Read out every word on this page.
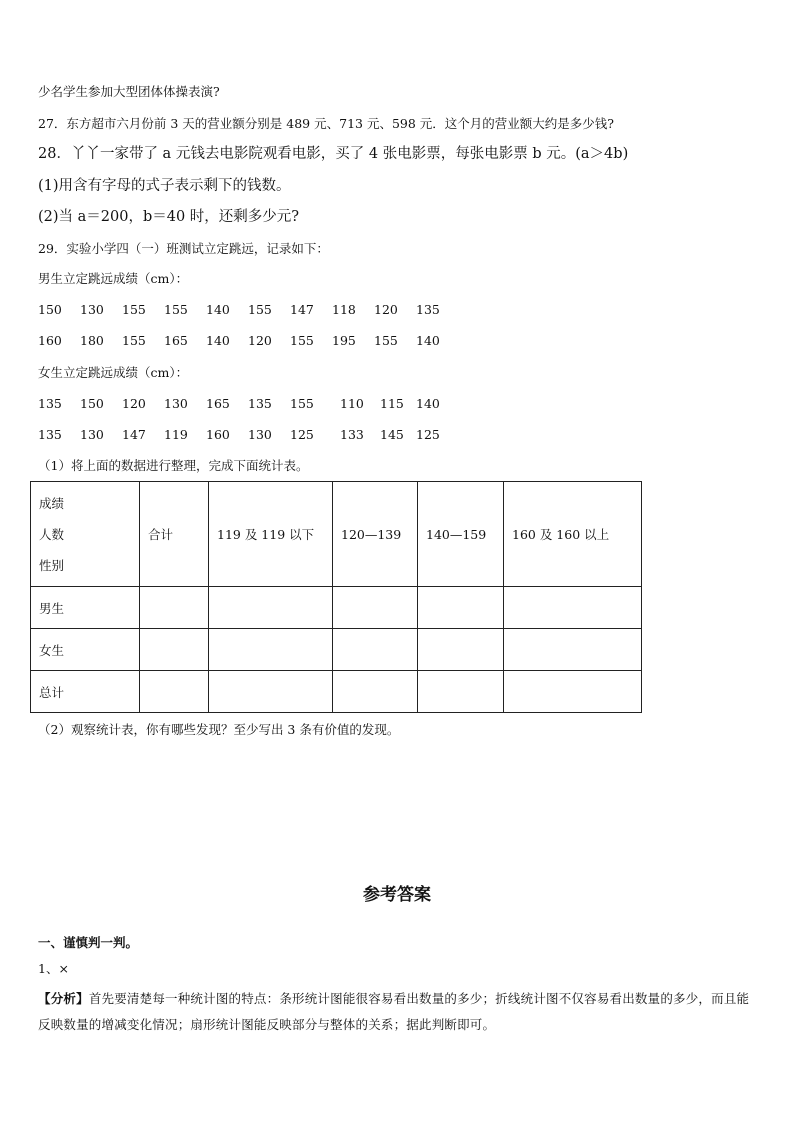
少名学生参加大型团体体操表演?
27．东方超市六月份前 3 天的营业额分别是 489 元、713 元、598 元．这个月的营业额大约是多少钱?
28．丫丫一家带了 a 元钱去电影院观看电影，买了 4 张电影票，每张电影票 b 元。(a＞4b)
(1)用含有字母的式子表示剩下的钱数。
(2)当 a＝200，b＝40 时，还剩多少元?
29．实验小学四（一）班测试立定跳远，记录如下：
男生立定跳远成绩（cm）：
150 130 155 155 140 155 147 118 120 135
160 180 155 165 140 120 155 195 155 140
女生立定跳远成绩（cm）：
135 150 120 130 165 135 155 110 115 140
135 130 147 119 160 130 125 133 145 125
（1）将上面的数据进行整理，完成下面统计表。
成绩
人数
性别	合计	119 及 119 以下	120—139	140—159	160 及 160 以上
男生					
女生					
总计					
（2）观察统计表，你有哪些发现？至少写出 3 条有价值的发现。
参考答案
一、谨慎判一判。
1、×
【分析】首先要清楚每一种统计图的特点：条形统计图能很容易看出数量的多少；折线统计图不仅容易看出数量的多少，而且能反映数量的增减变化情况；扇形统计图能反映部分与整体的关系；据此判断即可。
